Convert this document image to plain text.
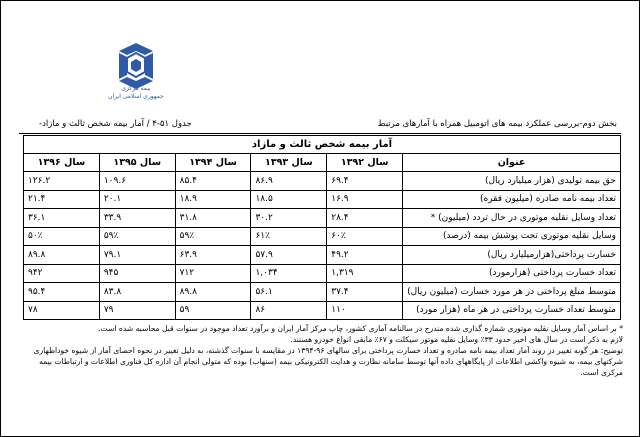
بیمه مرکزی
جمهوری اسلامی ایران
جدول ۵۱-۴ / آمار بیمه شخص ثالث و مازاد-	بخش دوم-بررسی عملکرد بیمه های اتومبیل همراه با آمارهای مرتبط
آمار بیمه شخص ثالث و مازاد					
عنوان	سال ۱۳۹۲	سال ۱۳۹۳	سال ۱۳۹۴	سال ۱۳۹۵	سال ۱۳۹۶
حق بیمه تولیدی (هزار میلیارد ریال)	۶۹.۴	۸۶.۹	۸۵.۴	۱۰۹.۶	۱۲۶.۲
تعداد بیمه نامه صادره (میلیون فقره)	۱۶.۹	۱۸.۵	۱۸.۹	۲۰.۱	۲۱.۴
تعداد وسایل نقلیه موتوری در حال تردد (میلیون) *	۲۸.۴	۳۰.۲	۳۱.۸	۳۳.۹	۳۶.۱
وسایل نقلیه موتوری تحت پوشش بیمه (درصد)	۶۰٪	۶۱٪	۵۹٪	۵۹٪	۵۰٪
خسارت پرداختی(هزارمیلیارد ریال)	۴۹.۲	۵۷.۹	۶۳.۹	۷۹.۱	۸۹.۸
تعداد خسارت پرداختی (هزارمورد)	۱,۳۱۹	۱,۰۳۴	۷۱۲	۹۴۵	۹۴۲
متوسط مبلغ پرداختی در هر مورد خسارت (میلیون ریال)	۳۷.۴	۵۶.۱	۸۹.۸	۸۳.۸	۹۵.۴
متوسط تعداد خسارت پرداختی در هر ماه (هزار مورد)	۱۱۰	۸۶	۵۹	۷۹	۷۸

* بر اساس آمار وسایل نقلیه موتوری شماره گذاری شده مندرج در سالنامه آماری کشور، چاپ مرکز آمار ایران و برآورد تعداد موجود در سنوات قبل محاسبه شده است.

لازم به ذکر است در سال های اخیر حدود ۳۳٪ وسایل نقلیه موتور سیکلت و ۶۷٪ مابقی انواع خودرو هستند.

توضیح: هر گونه تغییر در روند آمار تعداد بیمه نامه صادره و تعداد خسارت پرداختی برای سالهای ۹۶-۱۳۹۴ در مقایسه با سنوات گذشته، به دلیل تغییر در نحوه احصای آمار از شیوه خوداظهاری شرکتهای بیمه، به شیوه واکشی اطلاعات از پایگاههای داده آنها توسط سامانه نظارت و هدایت الکترونیکی بیمه (سنهاب) بوده که متولی انجام آن اداره کل فناوری اطلاعات و ارتباطات بیمه مرکزی است.
